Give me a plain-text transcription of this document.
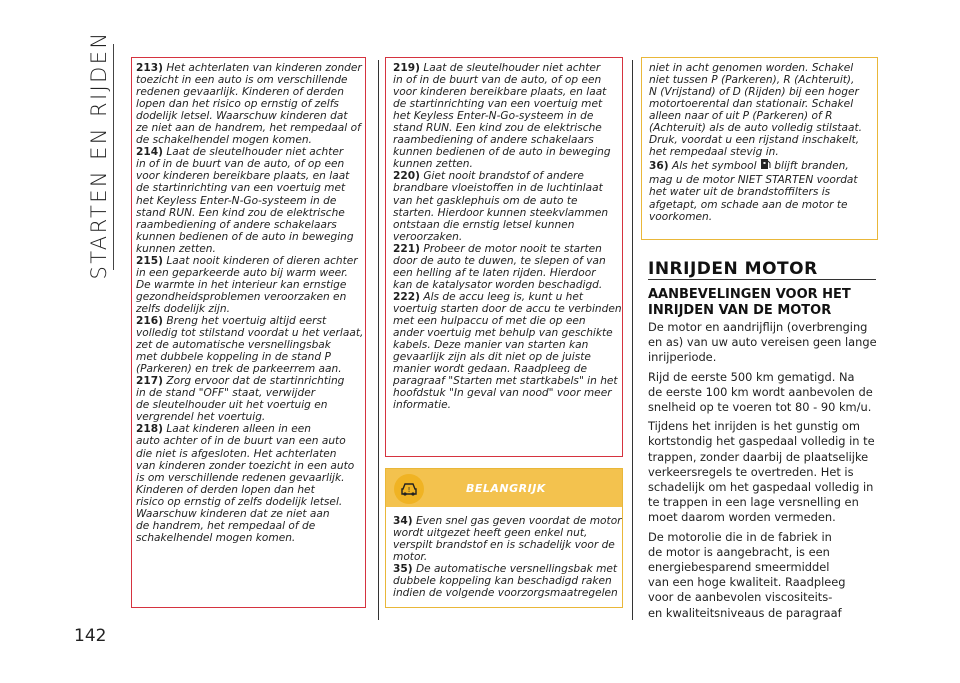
STARTEN EN RIJDEN
142

213) Het achterlaten van kinderen zonder

toezicht in een auto is om verschillende

redenen gevaarlijk. Kinderen of derden

lopen dan het risico op ernstig of zelfs

dodelijk letsel. Waarschuw kinderen dat

ze niet aan de handrem, het rempedaal of

de schakelhendel mogen komen.

214) Laat de sleutelhouder niet achter

in of in de buurt van de auto, of op een

voor kinderen bereikbare plaats, en laat

de startinrichting van een voertuig met

het Keyless Enter-N-Go-systeem in de

stand RUN. Een kind zou de elektrische

raambediening of andere schakelaars

kunnen bedienen of de auto in beweging

kunnen zetten.

215) Laat nooit kinderen of dieren achter

in een geparkeerde auto bij warm weer.

De warmte in het interieur kan ernstige

gezondheidsproblemen veroorzaken en

zelfs dodelijk zijn.

216) Breng het voertuig altijd eerst

volledig tot stilstand voordat u het verlaat,

zet de automatische versnellingsbak

met dubbele koppeling in de stand P

(Parkeren) en trek de parkeerrem aan.

217) Zorg ervoor dat de startinrichting

in de stand "OFF" staat, verwijder

de sleutelhouder uit het voertuig en

vergrendel het voertuig.

218) Laat kinderen alleen in een

auto achter of in de buurt van een auto

die niet is afgesloten. Het achterlaten

van kinderen zonder toezicht in een auto

is om verschillende redenen gevaarlijk.

Kinderen of derden lopen dan het

risico op ernstig of zelfs dodelijk letsel.

Waarschuw kinderen dat ze niet aan

de handrem, het rempedaal of de

schakelhendel mogen komen.

219) Laat de sleutelhouder niet achter

in of in de buurt van de auto, of op een

voor kinderen bereikbare plaats, en laat

de startinrichting van een voertuig met

het Keyless Enter-N-Go-systeem in de

stand RUN. Een kind zou de elektrische

raambediening of andere schakelaars

kunnen bedienen of de auto in beweging

kunnen zetten.

220) Giet nooit brandstof of andere

brandbare vloeistoffen in de luchtinlaat

van het gasklephuis om de auto te

starten. Hierdoor kunnen steekvlammen

ontstaan die ernstig letsel kunnen

veroorzaken.

221) Probeer de motor nooit te starten

door de auto te duwen, te slepen of van

een helling af te laten rijden. Hierdoor

kan de katalysator worden beschadigd.

222) Als de accu leeg is, kunt u het

voertuig starten door de accu te verbinden

met een hulpaccu of met die op een

ander voertuig met behulp van geschikte

kabels. Deze manier van starten kan

gevaarlijk zijn als dit niet op de juiste

manier wordt gedaan. Raadpleeg de

paragraaf "Starten met startkabels" in het

hoofdstuk "In geval van nood" voor meer

informatie.

!	BELANGRIJK

34) Even snel gas geven voordat de motor

wordt uitgezet heeft geen enkel nut,

verspilt brandstof en is schadelijk voor de

motor.

35) De automatische versnellingsbak met

dubbele koppeling kan beschadigd raken

indien de volgende voorzorgsmaatregelen

niet in acht genomen worden. Schakel

niet tussen P (Parkeren), R (Achteruit),

N (Vrijstand) of D (Rijden) bij een hoger

motortoerental dan stationair. Schakel

alleen naar of uit P (Parkeren) of R

(Achteruit) als de auto volledig stilstaat.

Druk, voordat u een rijstand inschakelt,

het rempedaal stevig in.

36) Als het symbool  blijft branden,

mag u de motor NIET STARTEN voordat

het water uit de brandstoffilters is

afgetapt, om schade aan de motor te

voorkomen.

INRIJDEN MOTOR
AANBEVELINGEN VOOR HET
INRIJDEN VAN DE MOTOR

De motor en aandrijflijn (overbrenging
en as) van uw auto vereisen geen lange
inrijperiode.

Rijd de eerste 500 km gematigd. Na
de eerste 100 km wordt aanbevolen de
snelheid op te voeren tot 80 - 90 km/u.

Tijdens het inrijden is het gunstig om
kortstondig het gaspedaal volledig in te
trappen, zonder daarbij de plaatselijke
verkeersregels te overtreden. Het is
schadelijk om het gaspedaal volledig in
te trappen in een lage versnelling en
moet daarom worden vermeden.

De motorolie die in de fabriek in
de motor is aangebracht, is een
energiebesparend smeermiddel
van een hoge kwaliteit. Raadpleeg
voor de aanbevolen viscositeits-
en kwaliteitsniveaus de paragraaf
